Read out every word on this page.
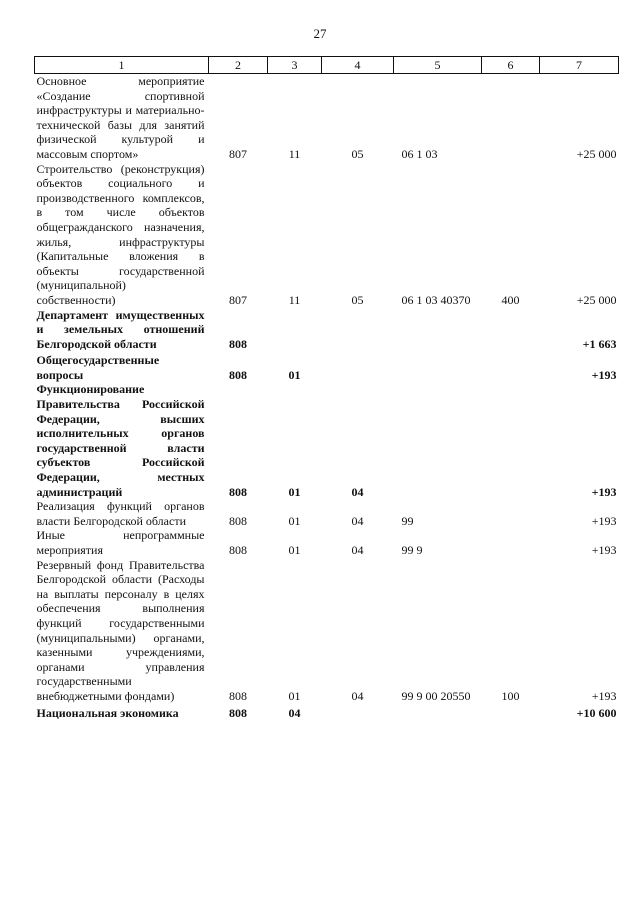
27
1	2	3	4	5	6	7
Основное мероприятие «Создание спортивной инфраструктуры и материально-технической базы для занятий физической культурой и массовым спортом»	807	11	05	06 1 03		+25 000
Строительство (реконструкция) объектов социального и производственного комплексов, в том числе объектов общегражданского назначения, жилья, инфраструктуры (Капитальные вложения в объекты государственной (муниципальной) собственности)	807	11	05	06 1 03 40370	400	+25 000
Департамент имущественных и земельных отношений Белгородской области	808					+1 663
Общегосударственные вопросы	808	01				+193
Функционирование Правительства Российской Федерации, высших исполнительных органов государственной власти субъектов Российской Федерации, местных администраций	808	01	04			+193
Реализация функций органов власти Белгородской области	808	01	04	99		+193
Иные непрограммные мероприятия	808	01	04	99 9		+193
Резервный фонд Правительства Белгородской области (Расходы на выплаты персоналу в целях обеспечения выполнения функций государственными (муниципальными) органами, казенными учреждениями, органами управления государственными внебюджетными фондами)	808	01	04	99 9 00 20550	100	+193
Национальная экономика	808	04				+10 600
